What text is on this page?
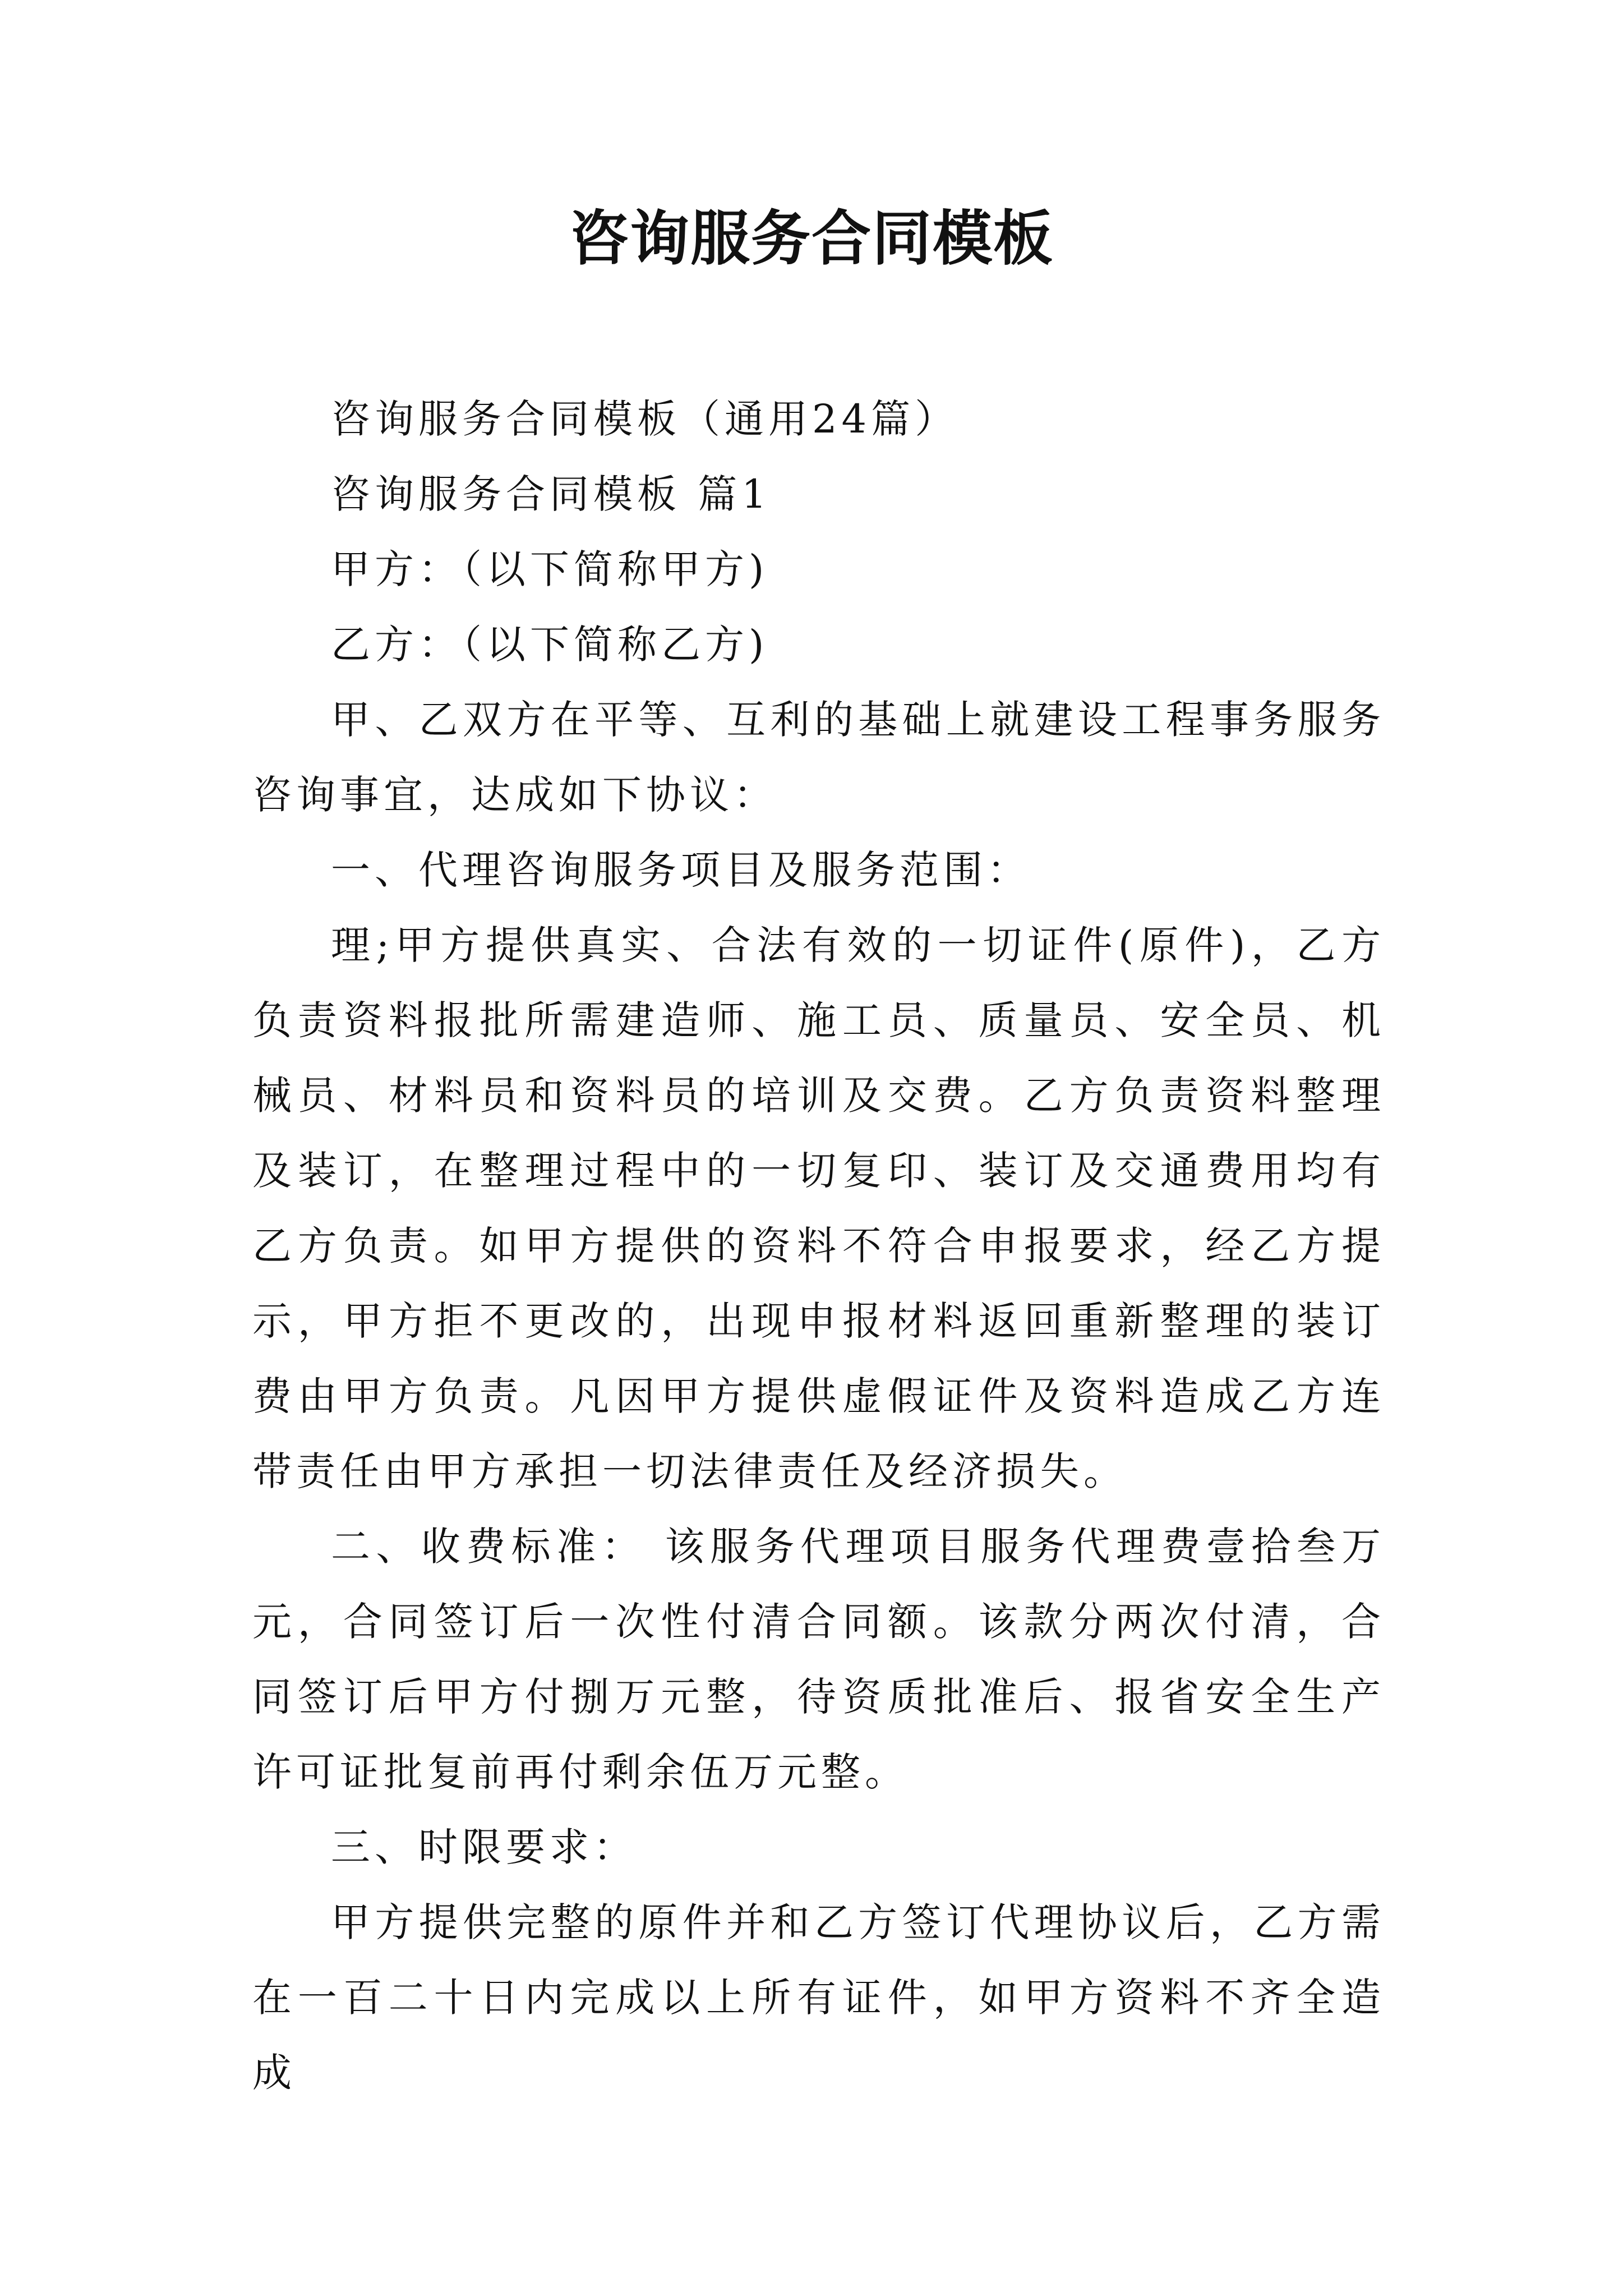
咨询服务合同模板

咨询服务合同模板（通用24篇）

咨询服务合同模板 篇1

甲方：（以下简称甲方)

乙方：（以下简称乙方)

甲、乙双方在平等、互利的基础上就建设工程事务服务咨询事宜，达成如下协议：

一、代理咨询服务项目及服务范围：

理;甲方提供真实、合法有效的一切证件(原件)，乙方负责资料报批所需建造师、施工员、质量员、安全员、机械员、材料员和资料员的培训及交费。乙方负责资料整理及装订，在整理过程中的一切复印、装订及交通费用均有乙方负责。如甲方提供的资料不符合申报要求，经乙方提示，甲方拒不更改的，出现申报材料返回重新整理的装订费由甲方负责。凡因甲方提供虚假证件及资料造成乙方连带责任由甲方承担一切法律责任及经济损失。

二、收费标准： 该服务代理项目服务代理费壹拾叁万元，合同签订后一次性付清合同额。该款分两次付清，合同签订后甲方付捌万元整，待资质批准后、报省安全生产许可证批复前再付剩余伍万元整。

三、时限要求：

甲方提供完整的原件并和乙方签订代理协议后，乙方需在一百二十日内完成以上所有证件，如甲方资料不齐全造成
